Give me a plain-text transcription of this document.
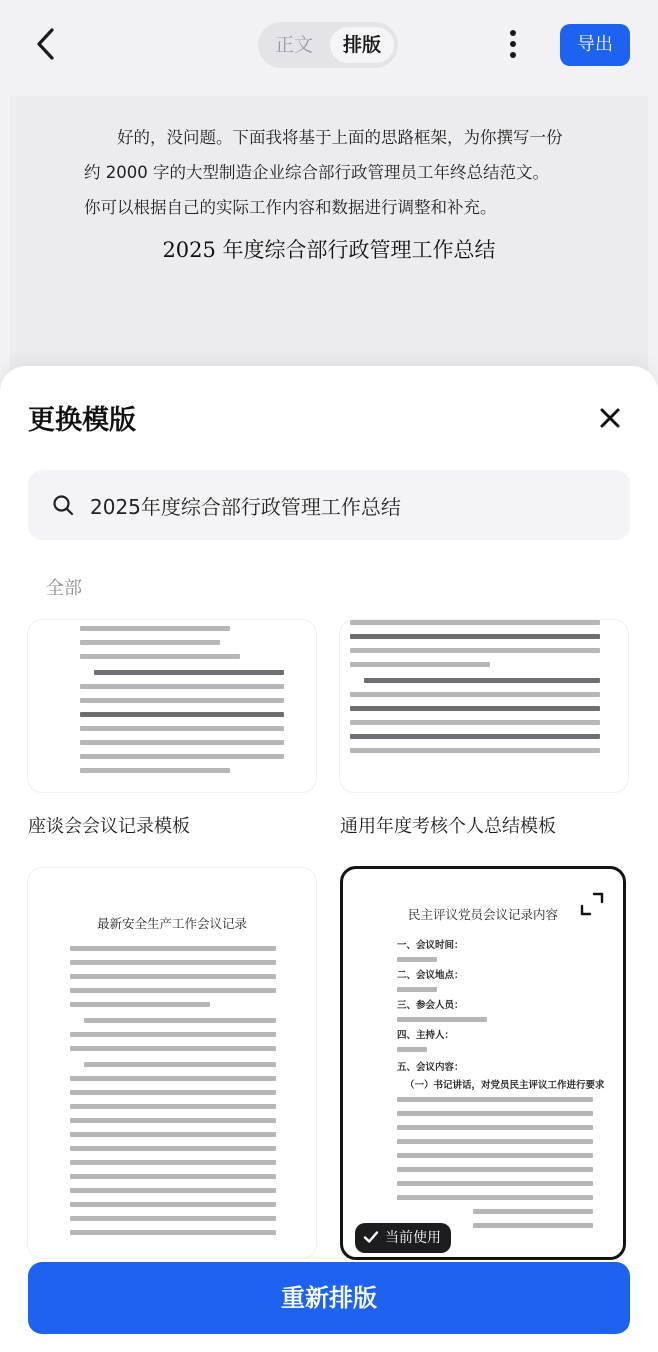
正文	排版	导出
好的，没问题。下面我将基于上面的思路框架，为你撰写一份约 2000 字的大型制造企业综合部行政管理员工年终总结范文。你可以根据自己的实际工作内容和数据进行调整和补充。
2025 年度综合部行政管理工作总结
更换模版
2025年度综合部行政管理工作总结
全部
座谈会会议记录模板	通用年度考核个人总结模板
最新安全生产工作会议记录
民主评议党员会议记录内容
一、会议时间：
二、会议地点：
三、参会人员：
四、主持人：
五、会议内容：
（一）书记讲话，对党员民主评议工作进行要求
当前使用
重新排版
